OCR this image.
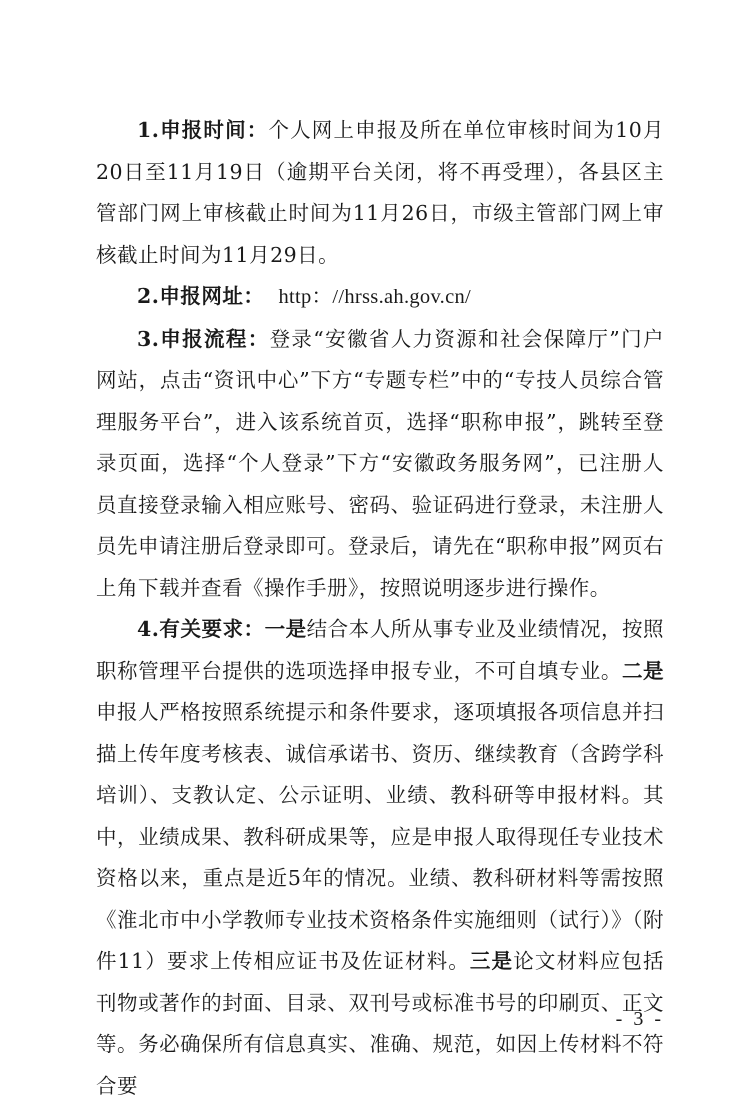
1.申报时间：个人网上申报及所在单位审核时间为10月20日至11月19日（逾期平台关闭，将不再受理），各县区主管部门网上审核截止时间为11月26日，市级主管部门网上审核截止时间为11月29日。

2.申报网址： http：//hrss.ah.gov.cn/

3.申报流程：登录“安徽省人力资源和社会保障厅”门户网站，点击“资讯中心”下方“专题专栏”中的“专技人员综合管理服务平台”，进入该系统首页，选择“职称申报”，跳转至登录页面，选择“个人登录”下方“安徽政务服务网”，已注册人员直接登录输入相应账号、密码、验证码进行登录，未注册人员先申请注册后登录即可。登录后，请先在“职称申报”网页右上角下载并查看《操作手册》，按照说明逐步进行操作。

4.有关要求：一是结合本人所从事专业及业绩情况，按照职称管理平台提供的选项选择申报专业，不可自填专业。二是申报人严格按照系统提示和条件要求，逐项填报各项信息并扫描上传年度考核表、诚信承诺书、资历、继续教育（含跨学科培训）、支教认定、公示证明、业绩、教科研等申报材料。其中，业绩成果、教科研成果等，应是申报人取得现任专业技术资格以来，重点是近5年的情况。业绩、教科研材料等需按照《淮北市中小学教师专业技术资格条件实施细则（试行）》（附件11）要求上传相应证书及佐证材料。三是论文材料应包括刊物或著作的封面、目录、双刊号或标准书号的印刷页、正文等。务必确保所有信息真实、准确、规范，如因上传材料不符合要

- 3 -
